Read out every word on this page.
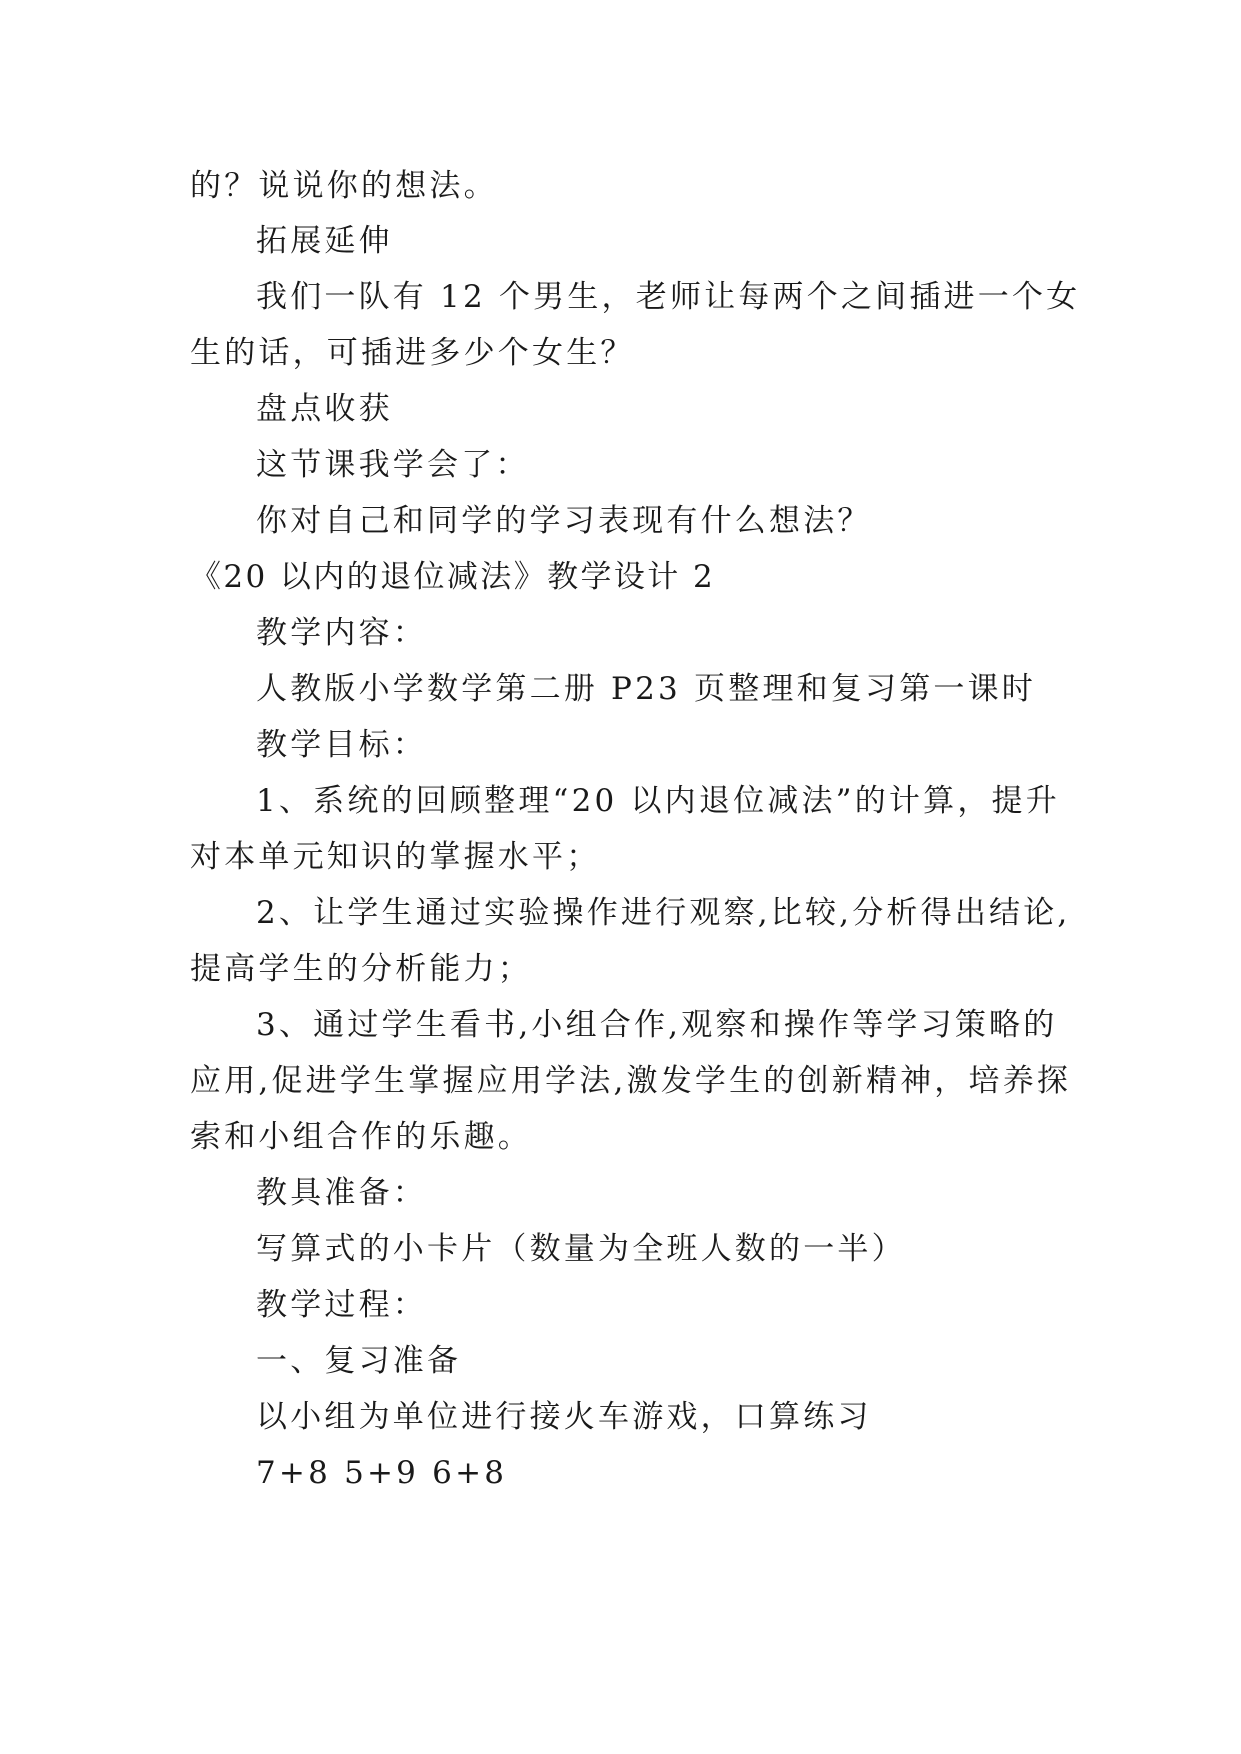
的？说说你的想法。
拓展延伸
我们一队有 12 个男生，老师让每两个之间插进一个女
生的话，可插进多少个女生？
盘点收获
这节课我学会了：
你对自己和同学的学习表现有什么想法？
《20 以内的退位减法》教学设计 2
教学内容：
人教版小学数学第二册 P23 页整理和复习第一课时
教学目标：
1、系统的回顾整理“20 以内退位减法”的计算，提升
对本单元知识的掌握水平；
2、让学生通过实验操作进行观察,比较,分析得出结论,
提高学生的分析能力；
3、通过学生看书,小组合作,观察和操作等学习策略的
应用,促进学生掌握应用学法,激发学生的创新精神，培养探
索和小组合作的乐趣。
教具准备：
写算式的小卡片（数量为全班人数的一半）
教学过程：
一、复习准备
以小组为单位进行接火车游戏，口算练习
7+8 5+9 6+8
